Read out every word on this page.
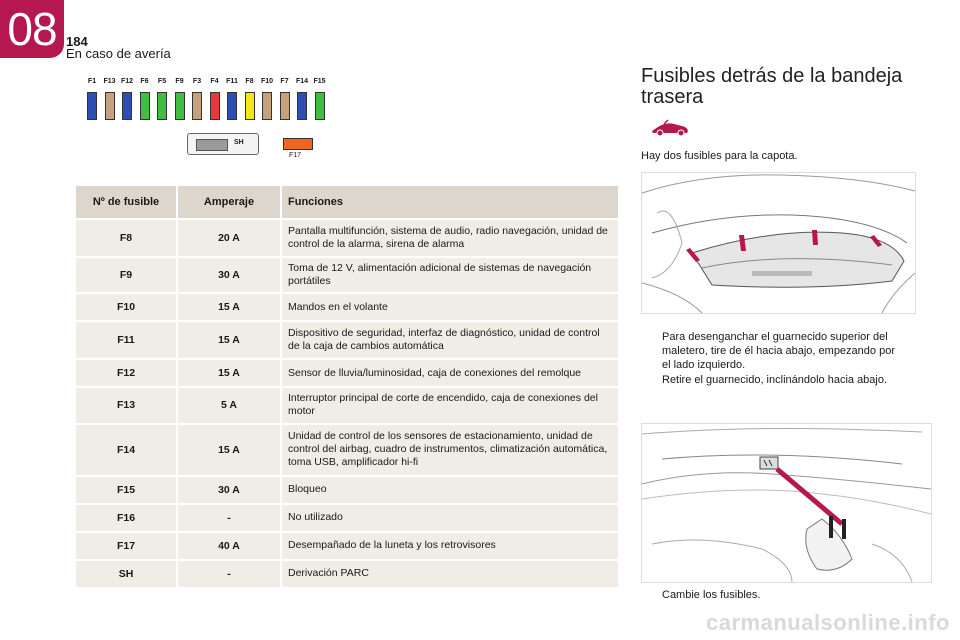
08 184
En caso de avería
F1 F13 F12 F6 F5 F9 F3 F4 F11 F8 F10 F7 F14 F15
SH
F17
Nº de fusible	Amperaje	Funciones
F8	20 A	Pantalla multifunción, sistema de audio, radio navegación, unidad de control de la alarma, sirena de alarma
F9	30 A	Toma de 12 V, alimentación adicional de sistemas de navegación portátiles
F10	15 A	Mandos en el volante
F11	15 A	Dispositivo de seguridad, interfaz de diagnóstico, unidad de control de la caja de cambios automática
F12	15 A	Sensor de lluvia/luminosidad, caja de conexiones del remolque
F13	5 A	Interruptor principal de corte de encendido, caja de conexiones del motor
F14	15 A	Unidad de control de los sensores de estacionamiento, unidad de control del airbag, cuadro de instrumentos, climatización automática, toma USB, amplificador hi-fi
F15	30 A	Bloqueo
F16	-	No utilizado
F17	40 A	Desempañado de la luneta y los retrovisores
SH	-	Derivación PARC
Fusibles detrás de la bandeja trasera
Hay dos fusibles para la capota.
Para desenganchar el guarnecido superior del maletero, tire de él hacia abajo, empezando por el lado izquierdo.
Retire el guarnecido, inclinándolo hacia abajo.
Cambie los fusibles.
carmanualsonline.info
